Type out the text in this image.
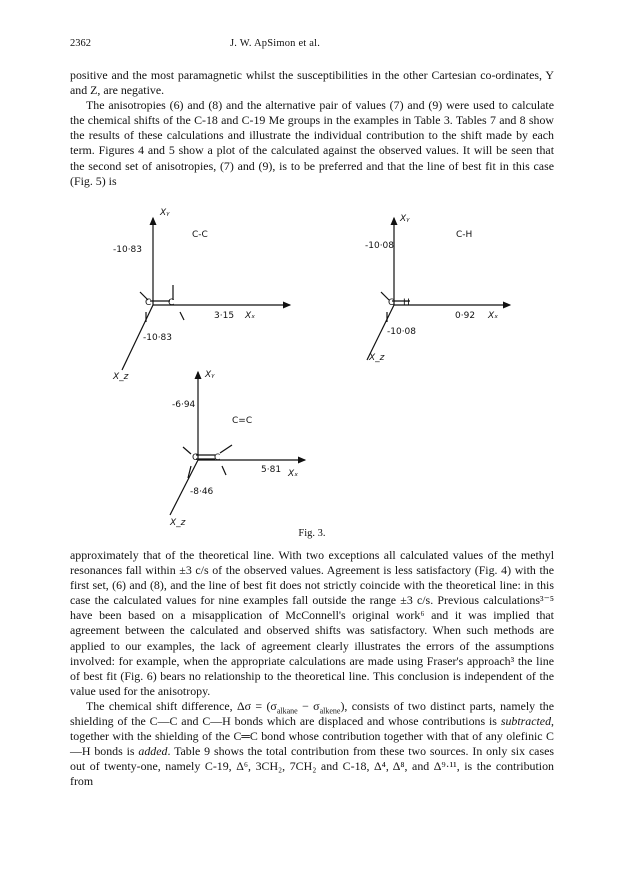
2362	J. W. ApSimon et al.

positive and the most paramagnetic whilst the susceptibilities in the other Cartesian co-ordinates, Y and Z, are negative.

The anisotropies (6) and (8) and the alternative pair of values (7) and (9) were used to calculate the chemical shifts of the C-18 and C-19 Me groups in the examples in Table 3. Tables 7 and 8 show the results of these calculations and illustrate the individual contribution to the shift made by each term. Figures 4 and 5 show a plot of the calculated against the observed values. It will be seen that the second set of anisotropies, (7) and (9), is to be preferred and that the line of best fit in this case (Fig. 5) is

C-C
Xᵧ
-10·83
C C
3·15 Xₓ
-10·83
X_z
C-H
Xᵧ
-10·08
C H
0·92 Xₓ
-10·08
X_z
C=C
Xᵧ
-6·94
C C
5·81 Xₓ
-8·46
X_z
Fig. 3.

approximately that of the theoretical line. With two exceptions all calculated values of the methyl resonances fall within ±3 c/s of the observed values. Agreement is less satisfactory (Fig. 4) with the first set, (6) and (8), and the line of best fit does not strictly coincide with the theoretical line: in this case the calculated values for nine examples fall outside the range ±3 c/s. Previous calculations³⁻⁵ have been based on a misapplication of McConnell's original work⁶ and it was implied that agreement between the calculated and observed shifts was satisfactory. When such methods are applied to our examples, the lack of agreement clearly illustrates the errors of the assumptions involved: for example, when the appropriate calculations are made using Fraser's approach³ the line of best fit (Fig. 6) bears no relationship to the theoretical line. This conclusion is independent of the value used for the anisotropy.

The chemical shift difference, $\Delta\sigma = (\sigma_{alkane} - \sigma_{alkene})$, consists of two distinct parts, namely the shielding of the C—C and C—H bonds which are displaced and whose contributions is subtracted, together with the shielding of the C═C bond whose contribution together with that of any olefinic C—H bonds is added. Table 9 shows the total contribution from these two sources. In only six cases out of twenty-one, namely C-19, Δ⁶, 3CH₂, 7CH₂ and C-18, Δ⁴, Δ⁸, and Δ⁹·¹¹, is the contribution from
